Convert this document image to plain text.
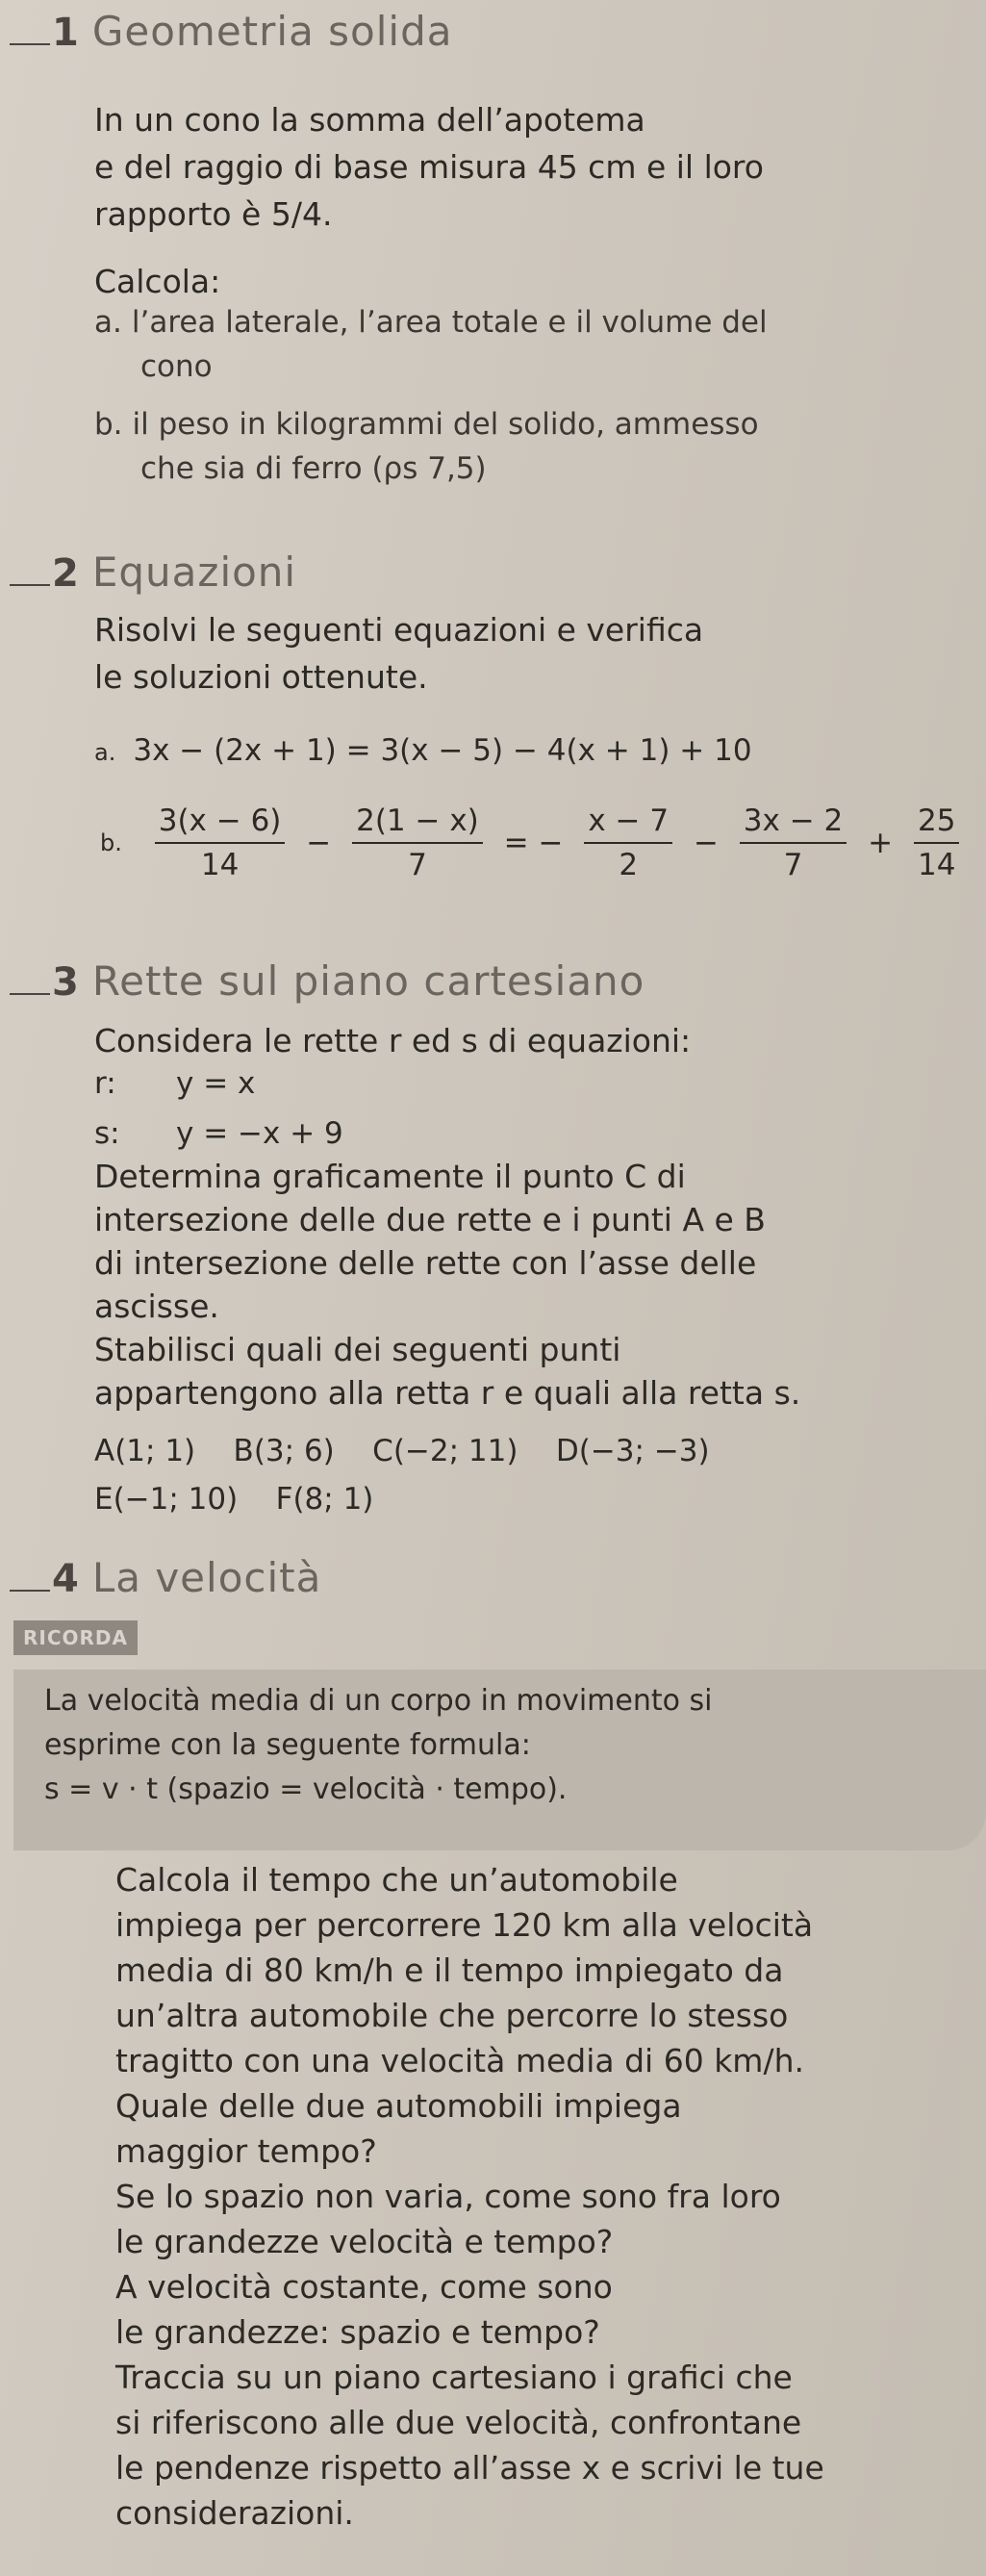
1 Geometria solida
In un cono la somma dell’apotema
e del raggio di base misura 45 cm e il loro
rapporto è 5/4.
Calcola:
a. l’area laterale, l’area totale e il volume del
cono
b. il peso in kilogrammi del solido, ammesso
che sia di ferro (ρs 7,5)
2 Equazioni
Risolvi le seguenti equazioni e verifica
le soluzioni ottenute.
a. 3x − (2x + 1) = 3(x − 5) − 4(x + 1) + 10
b. $\frac{3(x - 6)}{14} - \frac{2(1 - x)}{7}$ = − $\frac{x - 7}{2} - \frac{3x - 2}{7} + \frac{25}{14}$
3 Rette sul piano cartesiano
Considera le rette r ed s di equazioni:
r: y = x
s: y = −x + 9
Determina graficamente il punto C di
intersezione delle due rette e i punti A e B
di intersezione delle rette con l’asse delle
ascisse.
Stabilisci quali dei seguenti punti
appartengono alla retta r e quali alla retta s.
A(1; 1)    B(3; 6)    C(−2; 11)    D(−3; −3)
E(−1; 10)    F(8; 1)
4 La velocità
RICORDA
La velocità media di un corpo in movimento si
esprime con la seguente formula:
s = v · t (spazio = velocità · tempo).
Calcola il tempo che un’automobile
impiega per percorrere 120 km alla velocità
media di 80 km/h e il tempo impiegato da
un’altra automobile che percorre lo stesso
tragitto con una velocità media di 60 km/h.
Quale delle due automobili impiega
maggior tempo?
Se lo spazio non varia, come sono fra loro
le grandezze velocità e tempo?
A velocità costante, come sono
le grandezze: spazio e tempo?
Traccia su un piano cartesiano i grafici che
si riferiscono alle due velocità, confrontane
le pendenze rispetto all’asse x e scrivi le tue
considerazioni.
